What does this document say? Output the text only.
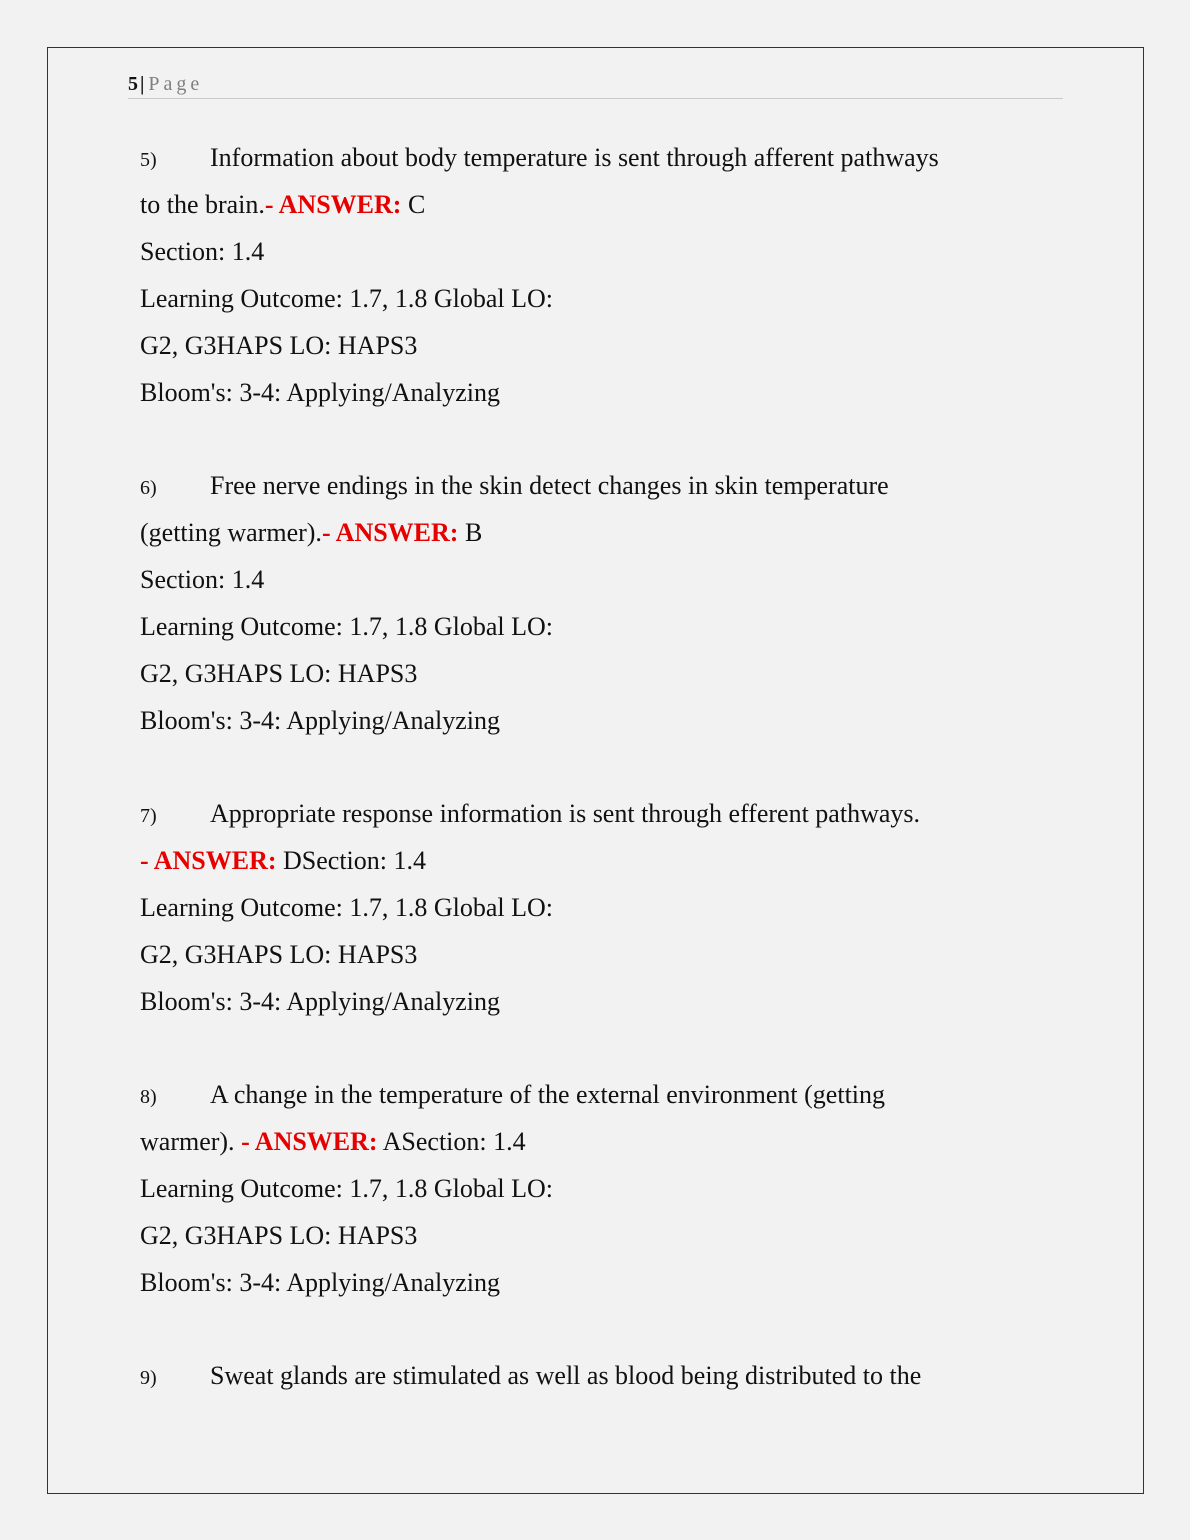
5 | Page
5) Information about body temperature is sent through afferent pathways
to the brain.- ANSWER: C
Section: 1.4
Learning Outcome: 1.7, 1.8 Global LO:
G2, G3HAPS LO: HAPS3
Bloom's: 3-4: Applying/Analyzing
6) Free nerve endings in the skin detect changes in skin temperature
(getting warmer).- ANSWER: B
Section: 1.4
Learning Outcome: 1.7, 1.8 Global LO:
G2, G3HAPS LO: HAPS3
Bloom's: 3-4: Applying/Analyzing
7) Appropriate response information is sent through efferent pathways.
- ANSWER: DSection: 1.4
Learning Outcome: 1.7, 1.8 Global LO:
G2, G3HAPS LO: HAPS3
Bloom's: 3-4: Applying/Analyzing
8) A change in the temperature of the external environment (getting
warmer). - ANSWER: ASection: 1.4
Learning Outcome: 1.7, 1.8 Global LO:
G2, G3HAPS LO: HAPS3
Bloom's: 3-4: Applying/Analyzing
9) Sweat glands are stimulated as well as blood being distributed to the
